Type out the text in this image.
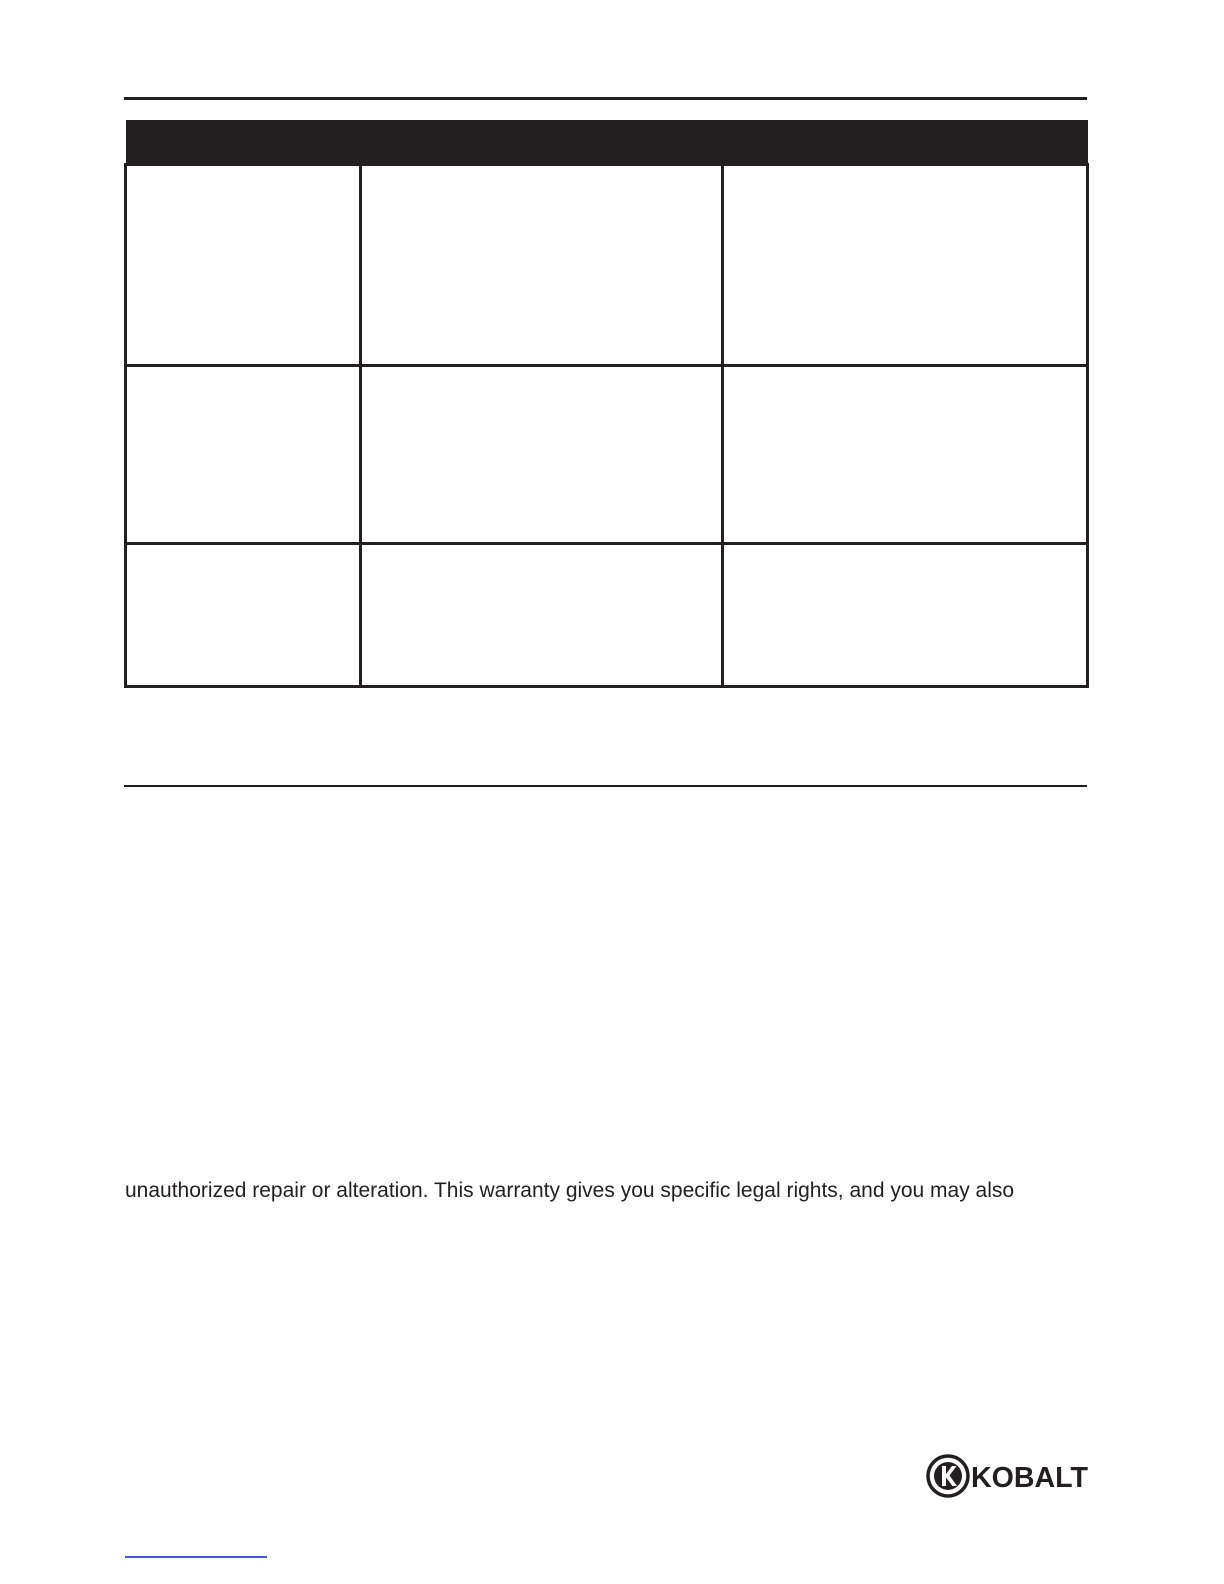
unauthorized repair or alteration. This warranty gives you specific legal rights, and you may also
KOBALT
